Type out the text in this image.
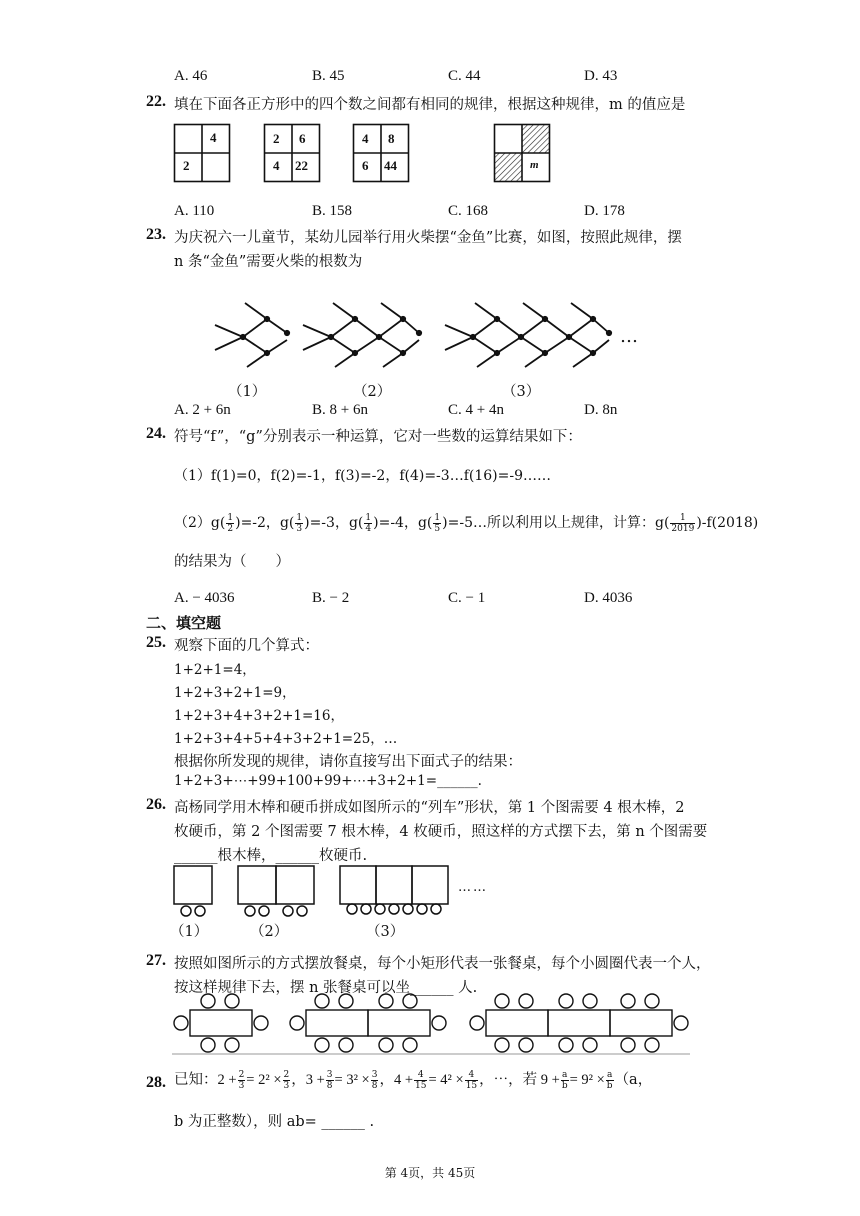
A. 46	B. 45	C. 44	D. 43
22. 填在下面各正方形中的四个数之间都有相同的规律，根据这种规律，m 的值应是
4
2
2 6
4 22
4 8
6 44	m
A. 110	B. 158	C. 168	D. 178
23. 为庆祝六一儿童节，某幼儿园举行用火柴摆“金鱼”比赛，如图，按照此规律，摆
n 条“金鱼”需要火柴的根数为
…
（1）	（2）	（3）
A. 2 + 6n	B. 8 + 6n	C. 4 + 4n	D. 8n
24. 符号“f”，“g”分别表示一种运算，它对一些数的运算结果如下：
（1）f(1)=0，f(2)=-1，f(3)=-2，f(4)=-3…f(16)=-9……
$(2)g( \frac{1}{2} )=-2$，$g( \frac{1}{3} )=-3$，$g( \frac{1}{4} )=-4$，$g( \frac{1}{5}$ )=-5…所以利用以上规律，计算：$g( \frac{1}{2019} )-f(2018)$
的结果为（　　）
A. − 4036	B. − 2	C. − 1	D. 4036
二、填空题
25. 观察下面的几个算式：
1+2+1=4，
1+2+3+2+1=9，
1+2+3+4+3+2+1=16，
1+2+3+4+5+4+3+2+1=25，…
根据你所发现的规律，请你直接写出下面式子的结果：
1+2+3+⋯+99+100+99+⋯+3+2+1=______.
26. 高杨同学用木棒和硬币拼成如图所示的“列车”形状，第 1 个图需要 4 根木棒，2
枚硬币，第 2 个图需要 7 根木棒，4 枚硬币，照这样的方式摆下去，第 n 个图需要
______根木棒，______枚硬币.
……
（1）	（2）	（3）
27. 按照如图所示的方式摆放餐桌，每个小矩形代表一张餐桌，每个小圆圈代表一个人，
按这样规律下去，摆 n 张餐桌可以坐______ 人.
28. 已知：$2 + \frac{2}{3} = 2^2 \times \frac{2}{3}$ ，$3 + \frac{3}{8} = 3^2 \times \frac{3}{8}$ ，$4 + \frac{4}{15} = 4^2 \times \frac{4}{15}$ ，⋯，若 $9 + \frac{a}{b} = 9^2 \times \frac{a}{b} (a$，
b 为正整数），则 ab= ______ .
第 4页，共 45页
